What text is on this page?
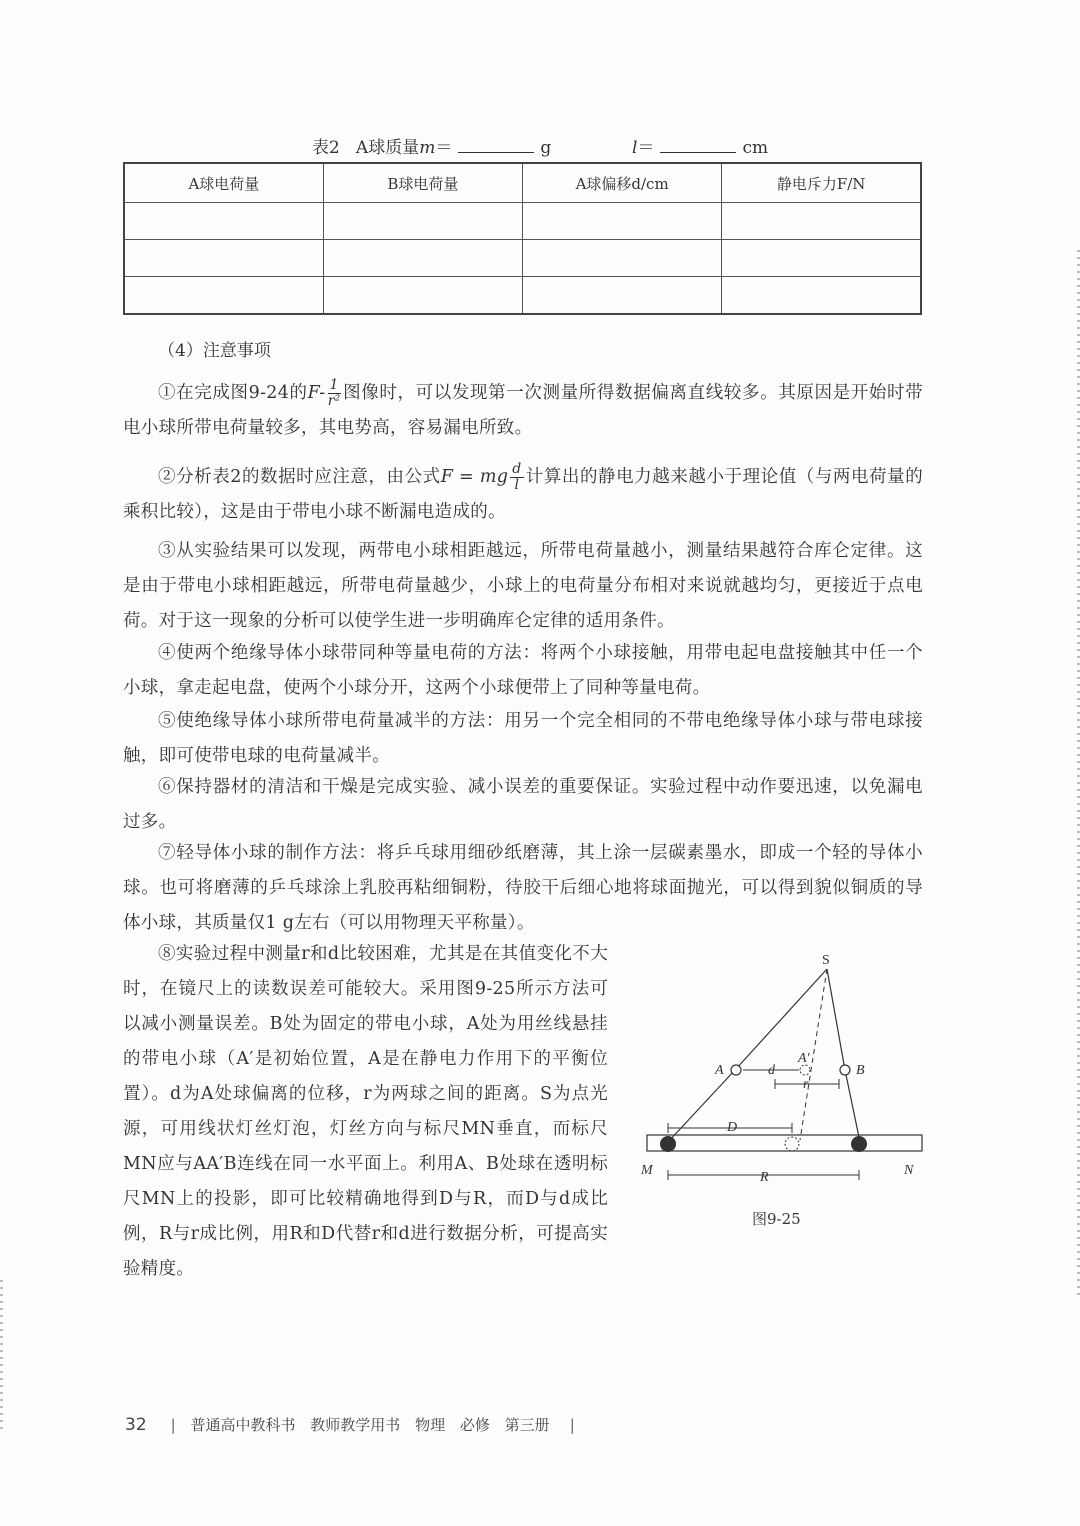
表2 A球质量m＝	g	l＝	cm
A球电荷量	B球电荷量	A球偏移d/cm	静电斥力F/N

（4）注意事项
①在完成图9-24的$F- \frac{1}{\text{r²}}$ 图像时，可以发现第一次测量所得数据偏离直线较多。其原因是开始时带电小球所带电荷量较多，其电势高，容易漏电所致。
②分析表2的数据时应注意，由公式F = mg $\frac{d}{l}$ 计算出的静电力越来越小于理论值（与两电荷量的乘积比较），这是由于带电小球不断漏电造成的。
③从实验结果可以发现，两带电小球相距越远，所带电荷量越小，测量结果越符合库仑定律。这是由于带电小球相距越远，所带电荷量越少，小球上的电荷量分布相对来说就越均匀，更接近于点电荷。对于这一现象的分析可以使学生进一步明确库仑定律的适用条件。
④使两个绝缘导体小球带同种等量电荷的方法：将两个小球接触，用带电起电盘接触其中任一个小球，拿走起电盘，使两个小球分开，这两个小球便带上了同种等量电荷。
⑤使绝缘导体小球所带电荷量减半的方法：用另一个完全相同的不带电绝缘导体小球与带电球接触，即可使带电球的电荷量减半。
⑥保持器材的清洁和干燥是完成实验、减小误差的重要保证。实验过程中动作要迅速，以免漏电过多。
⑦轻导体小球的制作方法：将乒乓球用细砂纸磨薄，其上涂一层碳素墨水，即成一个轻的导体小球。也可将磨薄的乒乓球涂上乳胶再粘细铜粉，待胶干后细心地将球面抛光，可以得到貌似铜质的导体小球，其质量仅1 g左右（可以用物理天平称量）。
⑧实验过程中测量r和d比较困难，尤其是在其值变化不大时，在镜尺上的读数误差可能较大。采用图9-25所示方法可以减小测量误差。B处为固定的带电小球，A处为用丝线悬挂的带电小球（A′是初始位置，A是在静电力作用下的平衡位置）。d为A处球偏离的位移，r为两球之间的距离。S为点光源，可用线状灯丝灯泡，灯丝方向与标尺MN垂直，而标尺MN应与AA′B连线在同一水平面上。利用A、B处球在透明标尺MN上的投影，即可比较精确地得到D与R，而D与d成比例，R与r成比例，用R和D代替r和d进行数据分析，可提高实验精度。
S
A
A′
B
d
r
D
R
M	N
图9-25
32 | 普通高中教科书 教师教学用书 物理 必修 第三册 |
